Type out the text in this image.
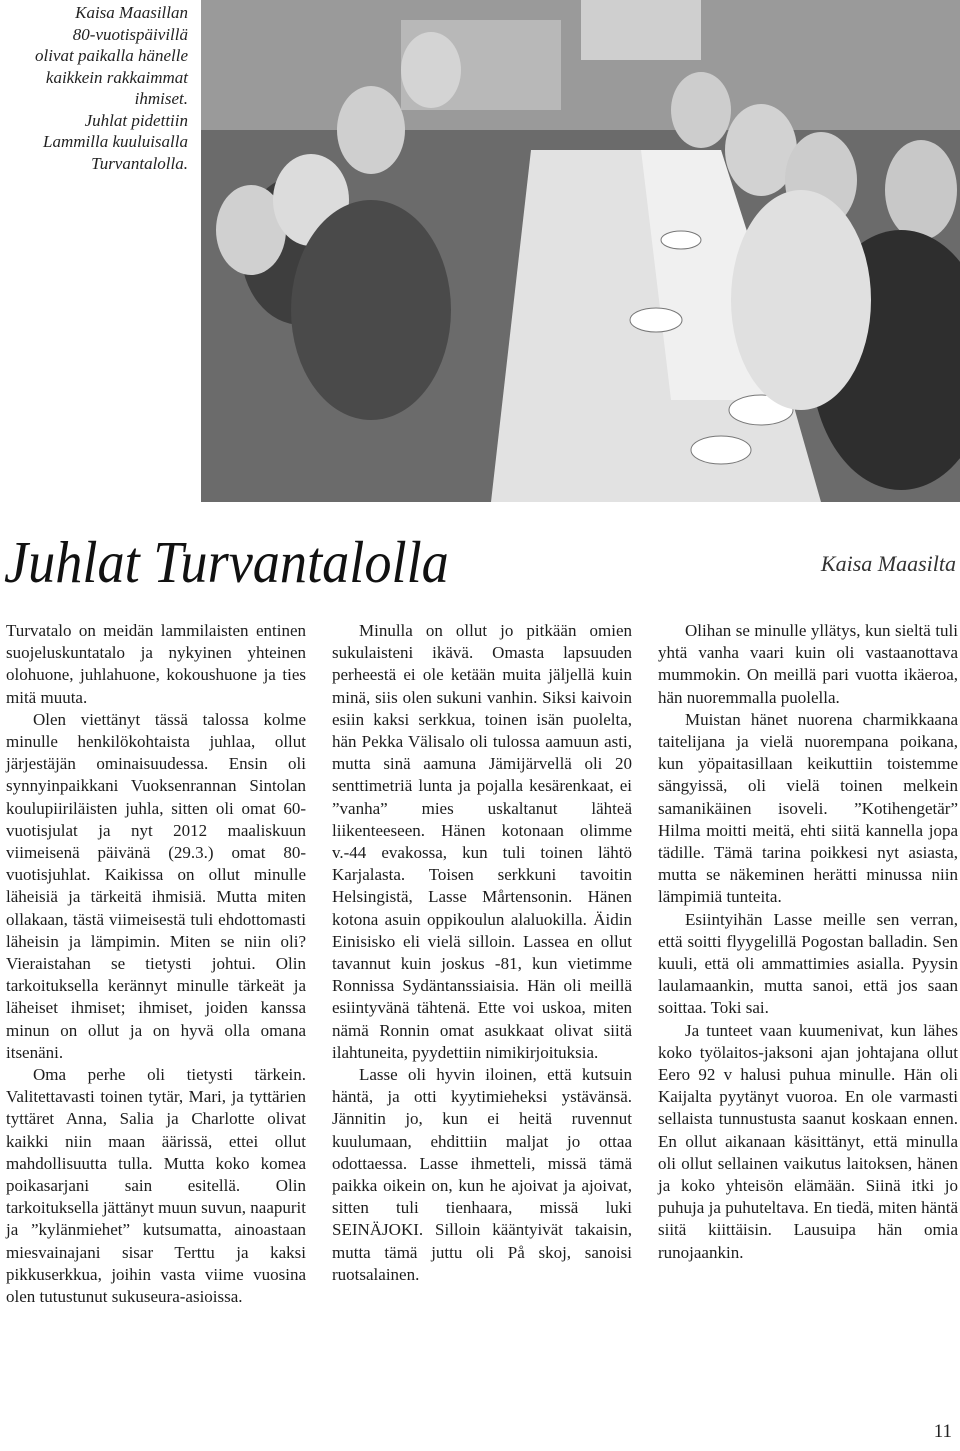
Kaisa Maasillan
80-vuotispäivillä
olivat paikalla hänelle
kaikkein rakkaimmat
ihmiset.
Juhlat pidettiin
Lammilla kuuluisalla
Turvantalolla.
Juhlat Turvantalolla	Kaisa Maasilta

Turvatalo on meidän lammilaisten entinen suojeluskuntatalo ja nykyinen yhteinen olohuone, juhlahuone, kokoushuone ja ties mitä muuta.

Olen viettänyt tässä talossa kolme minulle henkilökohtaista juhlaa, ollut järjestäjän ominaisuudessa. Ensin oli synnyinpaikkani Vuoksenrannan Sintolan koulupiiriläisten juhla, sitten oli omat 60-vuotisjulat ja nyt 2012 maaliskuun viimeisenä päivänä (29.3.) omat 80-vuotisjuhlat. Kaikissa on ollut minulle läheisiä ja tärkeitä ihmisiä. Mutta miten ollakaan, tästä viimeisestä tuli ehdottomasti läheisin ja lämpimin. Miten se niin oli? Vieraistahan se tietysti johtui. Olin tarkoituksella kerännyt minulle tärkeät ja läheiset ihmiset; ihmiset, joiden kanssa minun on ollut ja on hyvä olla omana itsenäni.

Oma perhe oli tietysti tärkein. Valitettavasti toinen tytär, Mari, ja tyttärien tyttäret Anna, Salia ja Charlotte olivat kaikki niin maan äärissä, ettei ollut mahdollisuutta tulla. Mutta koko komea poikasarjani sain esitellä. Olin tarkoituksella jättänyt muun suvun, naapurit ja ”kylänmiehet” kutsumatta, ainoastaan miesvainajani sisar Terttu ja kaksi pikkuserkkua, joihin vasta viime vuosina olen tutustunut sukuseura-asioissa.

Minulla on ollut jo pitkään omien sukulaisteni ikävä. Omasta lapsuuden perheestä ei ole ketään muita jäljellä kuin minä, siis olen sukuni vanhin. Siksi kaivoin esiin kaksi serkkua, toinen isän puolelta, hän Pekka Välisalo oli tulossa aamuun asti, mutta sinä aamuna Jämijärvellä oli 20 senttimetriä lunta ja pojalla kesärenkaat, ei ”vanha” mies uskaltanut lähteä liikenteeseen. Hänen kotonaan olimme v.-44 evakossa, kun tuli toinen lähtö Karjalasta. Toisen serkkuni tavoitin Helsingistä, Lasse Mårtensonin. Hänen kotona asuin oppikoulun alaluokilla. Äidin Einisisko eli vielä silloin. Lassea en ollut tavannut kuin joskus -81, kun vietimme Ronnissa Sydäntanssiaisia. Hän oli meillä esiintyvänä tähtenä. Ette voi uskoa, miten nämä Ronnin omat asukkaat olivat siitä ilahtuneita, pyydettiin nimikirjoituksia.

Lasse oli hyvin iloinen, että kutsuin häntä, ja otti kyytimieheksi ystävänsä. Jännitin jo, kun ei heitä ruvennut kuulumaan, ehdittiin maljat jo ottaa odottaessa. Lasse ihmetteli, missä tämä paikka oikein on, kun he ajoivat ja ajoivat, sitten tuli tienhaara, missä luki SEINÄJOKI. Silloin kääntyivät takaisin, mutta tämä juttu oli På skoj, sanoisi ruotsalainen.

Olihan se minulle yllätys, kun sieltä tuli yhtä vanha vaari kuin oli vastaanottava mummokin. On meillä pari vuotta ikäeroa, hän nuoremmalla puolella.

Muistan hänet nuorena charmikkaana taitelijana ja vielä nuorempana poikana, kun yöpaitasillaan keikuttiin toistemme sängyissä, oli vielä toinen melkein samanikäinen isoveli. ”Kotihengetär” Hilma moitti meitä, ehti siitä kannella jopa tädille. Tämä tarina poikkesi nyt asiasta, mutta se näkeminen herätti minussa niin lämpimiä tunteita.

Esiintyihän Lasse meille sen verran, että soitti flyygelillä Pogostan balladin. Sen kuuli, että oli ammattimies asialla. Pyysin laulamaankin, mutta sanoi, että jos saan soittaa. Toki sai.

Ja tunteet vaan kuumenivat, kun lähes koko työlaitos-jaksoni ajan johtajana ollut Eero 92 v halusi puhua minulle. Hän oli Kaijalta pyytänyt vuoroa. En ole varmasti sellaista tunnustusta saanut koskaan ennen. En ollut aikanaan käsittänyt, että minulla oli ollut sellainen vaikutus laitoksen, hänen ja koko yhteisön elämään. Siinä itki jo puhuja ja puhuteltava. En tiedä, miten häntä siitä kiittäisin. Lausuipa hän omia runojaankin.

11
